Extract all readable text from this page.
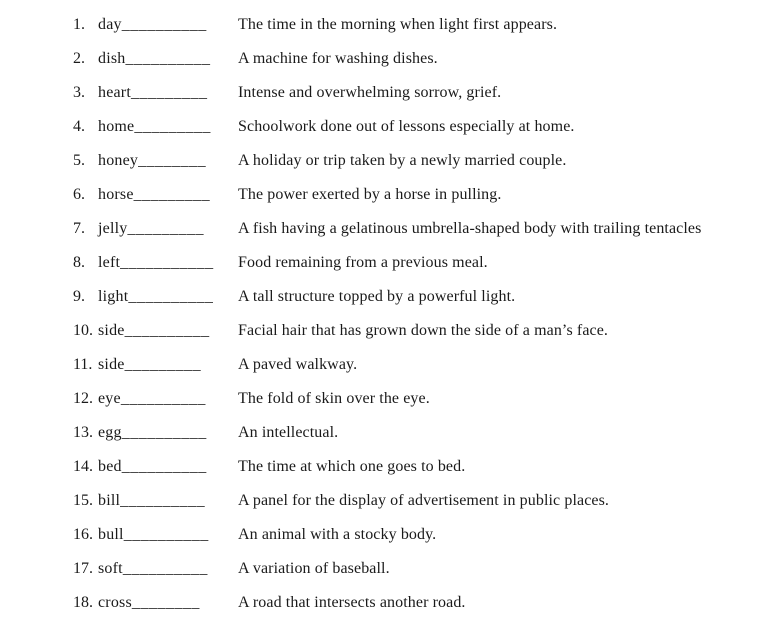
1. day__________	The time in the morning when light first appears.
2. dish__________	A machine for washing dishes.
3. heart_________	Intense and overwhelming sorrow, grief.
4. home_________	Schoolwork done out of lessons especially at home.
5. honey________	A holiday or trip taken by a newly married couple.
6. horse_________	The power exerted by a horse in pulling.
7. jelly_________	A fish having a gelatinous umbrella-shaped body with trailing tentacles
8. left___________	Food remaining from a previous meal.
9. light__________	A tall structure topped by a powerful light.
10. side__________	Facial hair that has grown down the side of a man’s face.
11. side_________	A paved walkway.
12. eye__________	The fold of skin over the eye.
13. egg__________	An intellectual.
14. bed__________	The time at which one goes to bed.
15. bill__________	A panel for the display of advertisement in public places.
16. bull__________	An animal with a stocky body.
17. soft__________	A variation of baseball.
18. cross________	A road that intersects another road.
